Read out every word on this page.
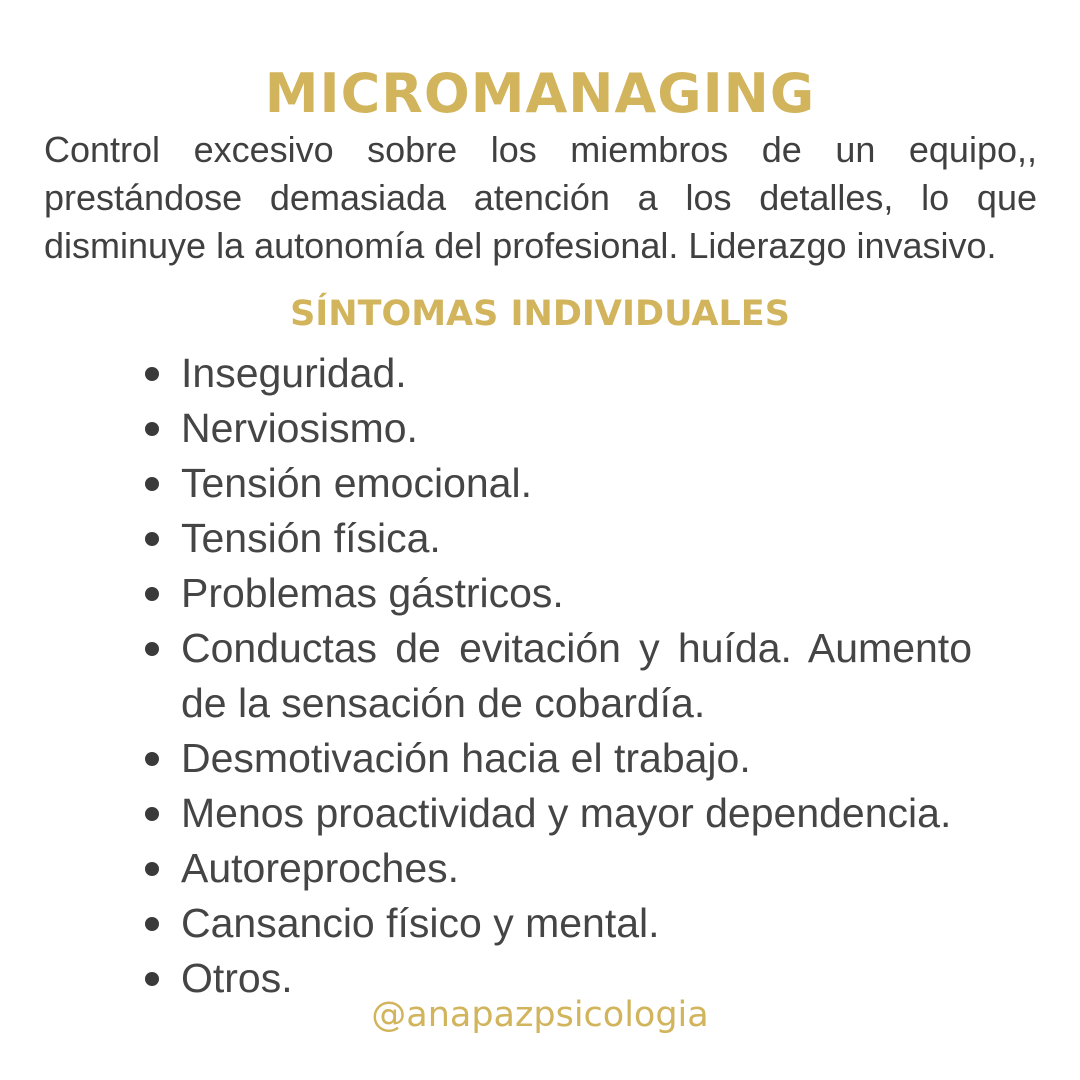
MICROMANAGING

Control excesivo sobre los miembros de un equipo,, prestándose demasiada atención a los detalles, lo que disminuye la autonomía del profesional. Liderazgo invasivo.

SÍNTOMAS INDIVIDUALES
Inseguridad.
Nerviosismo.
Tensión emocional.
Tensión física.
Problemas gástricos.
Conductas de evitación y huída. Aumento de la sensación de cobardía.
Desmotivación hacia el trabajo.
Menos proactividad y mayor dependencia.
Autoreproches.
Cansancio físico y mental.
Otros.

@anapazpsicologia
